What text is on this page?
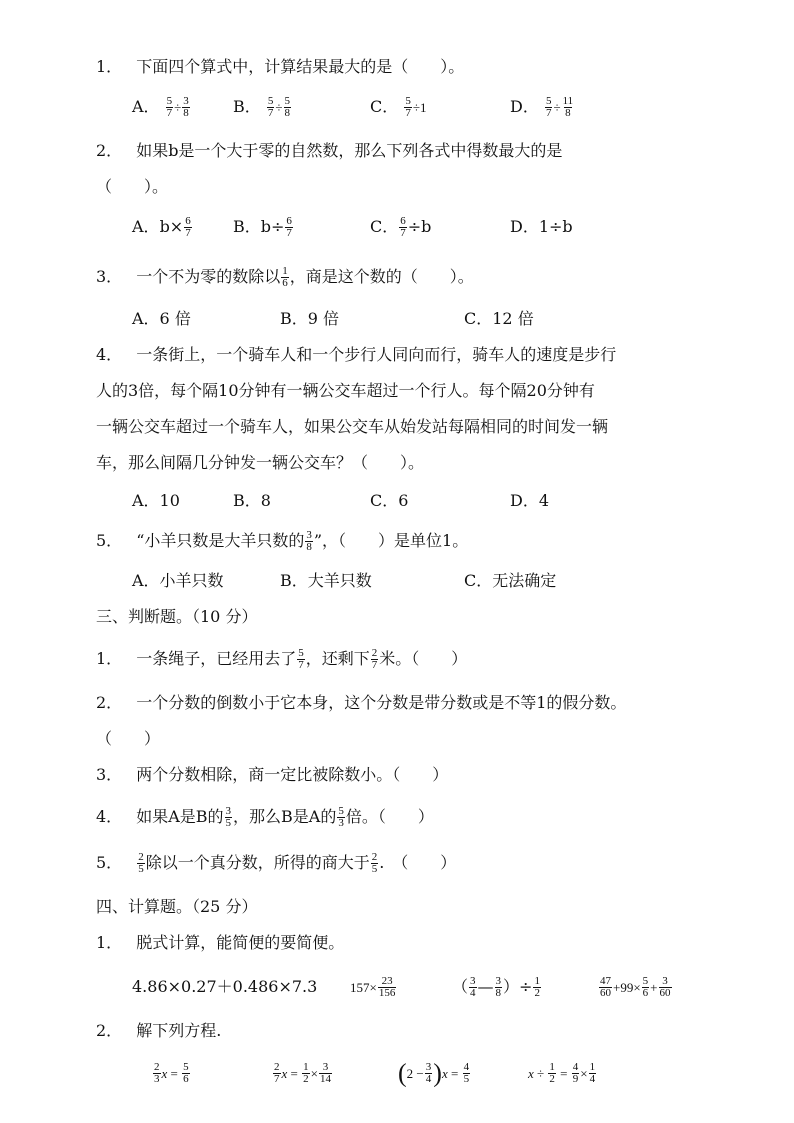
1． 下面四个算式中，计算结果最大的是（　　）。
A． $\frac{5}{7} \div \frac{3}{8}$	B． $\frac{5}{7} \div \frac{5}{8}$	C． $\frac{5}{7} \div 1$	D． $\frac{5}{7} \div \frac{11}{8}$
2． 如果b是一个大于零的自然数，那么下列各式中得数最大的是
（　　）。
A．$b\times \frac{6}{7}$	B．$b\div \frac{6}{7}$	C． $\frac{6}{7} \div b$	D．1÷b
3． 一个不为零的数除以 $\frac{1}{6}$ ，商是这个数的（　　）。
A．6 倍	B．9 倍	C．12 倍
4． 一条街上，一个骑车人和一个步行人同向而行，骑车人的速度是步行
人的3倍，每个隔10分钟有一辆公交车超过一个行人。每个隔20分钟有
一辆公交车超过一个骑车人，如果公交车从始发站每隔相同的时间发一辆
车，那么间隔几分钟发一辆公交车？（　　）。
A．10	B．8	C．6	D．4
5． “小羊只数是大羊只数的 $\frac{3}{8}$ ”，（　　）是单位1。
A．小羊只数	B．大羊只数	C．无法确定
三、判断题。（10 分）
1． 一条绳子，已经用去了 $\frac{5}{7}$ ，还剩下 $\frac{2}{7}$ 米。（　　）
2． 一个分数的倒数小于它本身，这个分数是带分数或是不等1的假分数。
（　　）
3． 两个分数相除，商一定比被除数小。（　　）
4． 如果A是B的 $\frac{3}{5}$ ，那么B是A的 $\frac{5}{3}$ 倍。（　　）
5． $\frac{2}{5}$ 除以一个真分数，所得的商大于 $\frac{2}{5}$ .　（　　）
四、计算题。（25 分）
1． 脱式计算，能简便的要简便。
4.86×0.27＋0.486×7.3	$157\times \frac{23}{156}$	（ $\frac{3}{4}$ — $\frac{3}{8}$ ）÷ $\frac{1}{2}$	$\frac{47}{60} +99\times \frac{5}{6} + \frac{3}{60}$
2． 解下列方程.
$\frac{2}{3}$ $x = \frac{5}{6}$	$\frac{2}{7}$ $x = \frac{1}{2} \times \frac{3}{14}$	$(2 - \frac{3}{4} )x = \frac{4}{5}$	$x \div \frac{1}{2} = \frac{4}{9} \times \frac{1}{4}$
